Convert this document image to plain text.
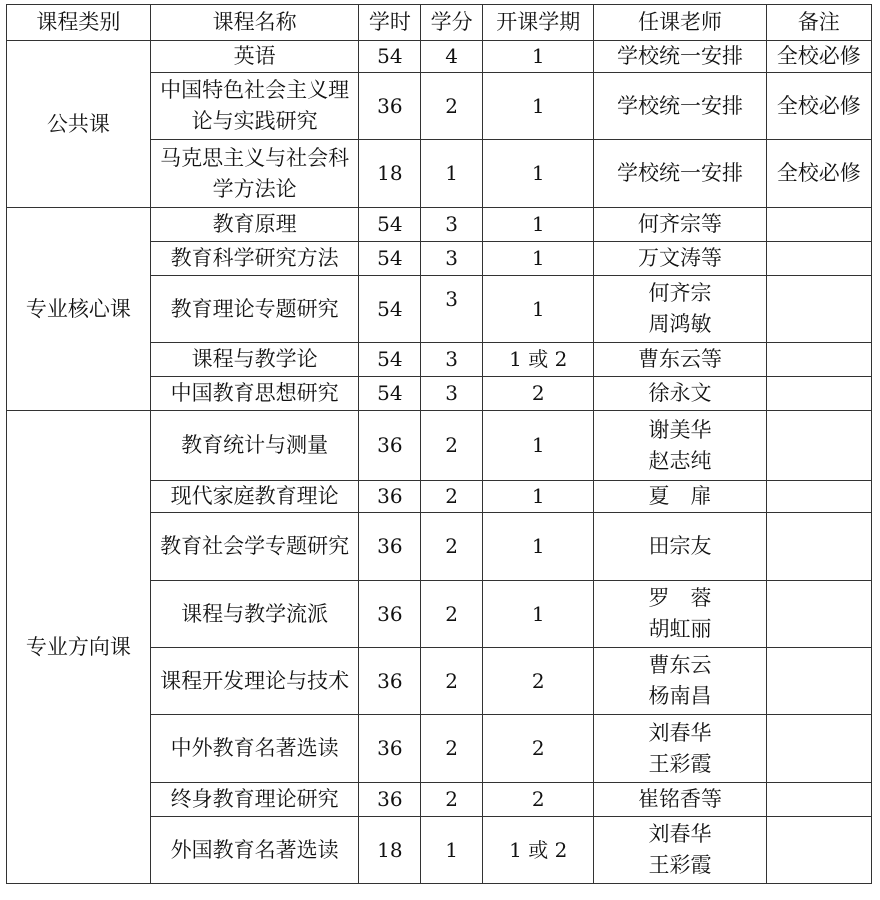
课程类别	课程名称	学时	学分	开课学期	任课老师	备注
公共课	英语	54	4	1	学校统一安排	全校必修

	中国特色社会主义理论与实践研究	36	2	1	学校统一安排	全校必修

	马克思主义与社会科学方法论	18	1	1	学校统一安排	全校必修
专业核心课	教育原理	54	3	1	何齐宗等	

	教育科学研究方法	54	3	1	万文涛等	

	教育理论专题研究	54	3	1	何齐宗
周鸿敏	

	课程与教学论	54	3	1 或 2	曹东云等	

	中国教育思想研究	54	3	2	徐永文	

专业方向课	教育统计与测量	36	2	1	谢美华
赵志纯	

	现代家庭教育理论	36	2	1	夏　扉	

	教育社会学专题研究	36	2	1	田宗友	

	课程与教学流派	36	2	1	罗　蓉
胡虹丽	

	课程开发理论与技术	36	2	2	曹东云
杨南昌	

	中外教育名著选读	36	2	2	刘春华
王彩霞	

	终身教育理论研究	36	2	2	崔铭香等	

	外国教育名著选读	18	1	1 或 2	刘春华
王彩霞	
